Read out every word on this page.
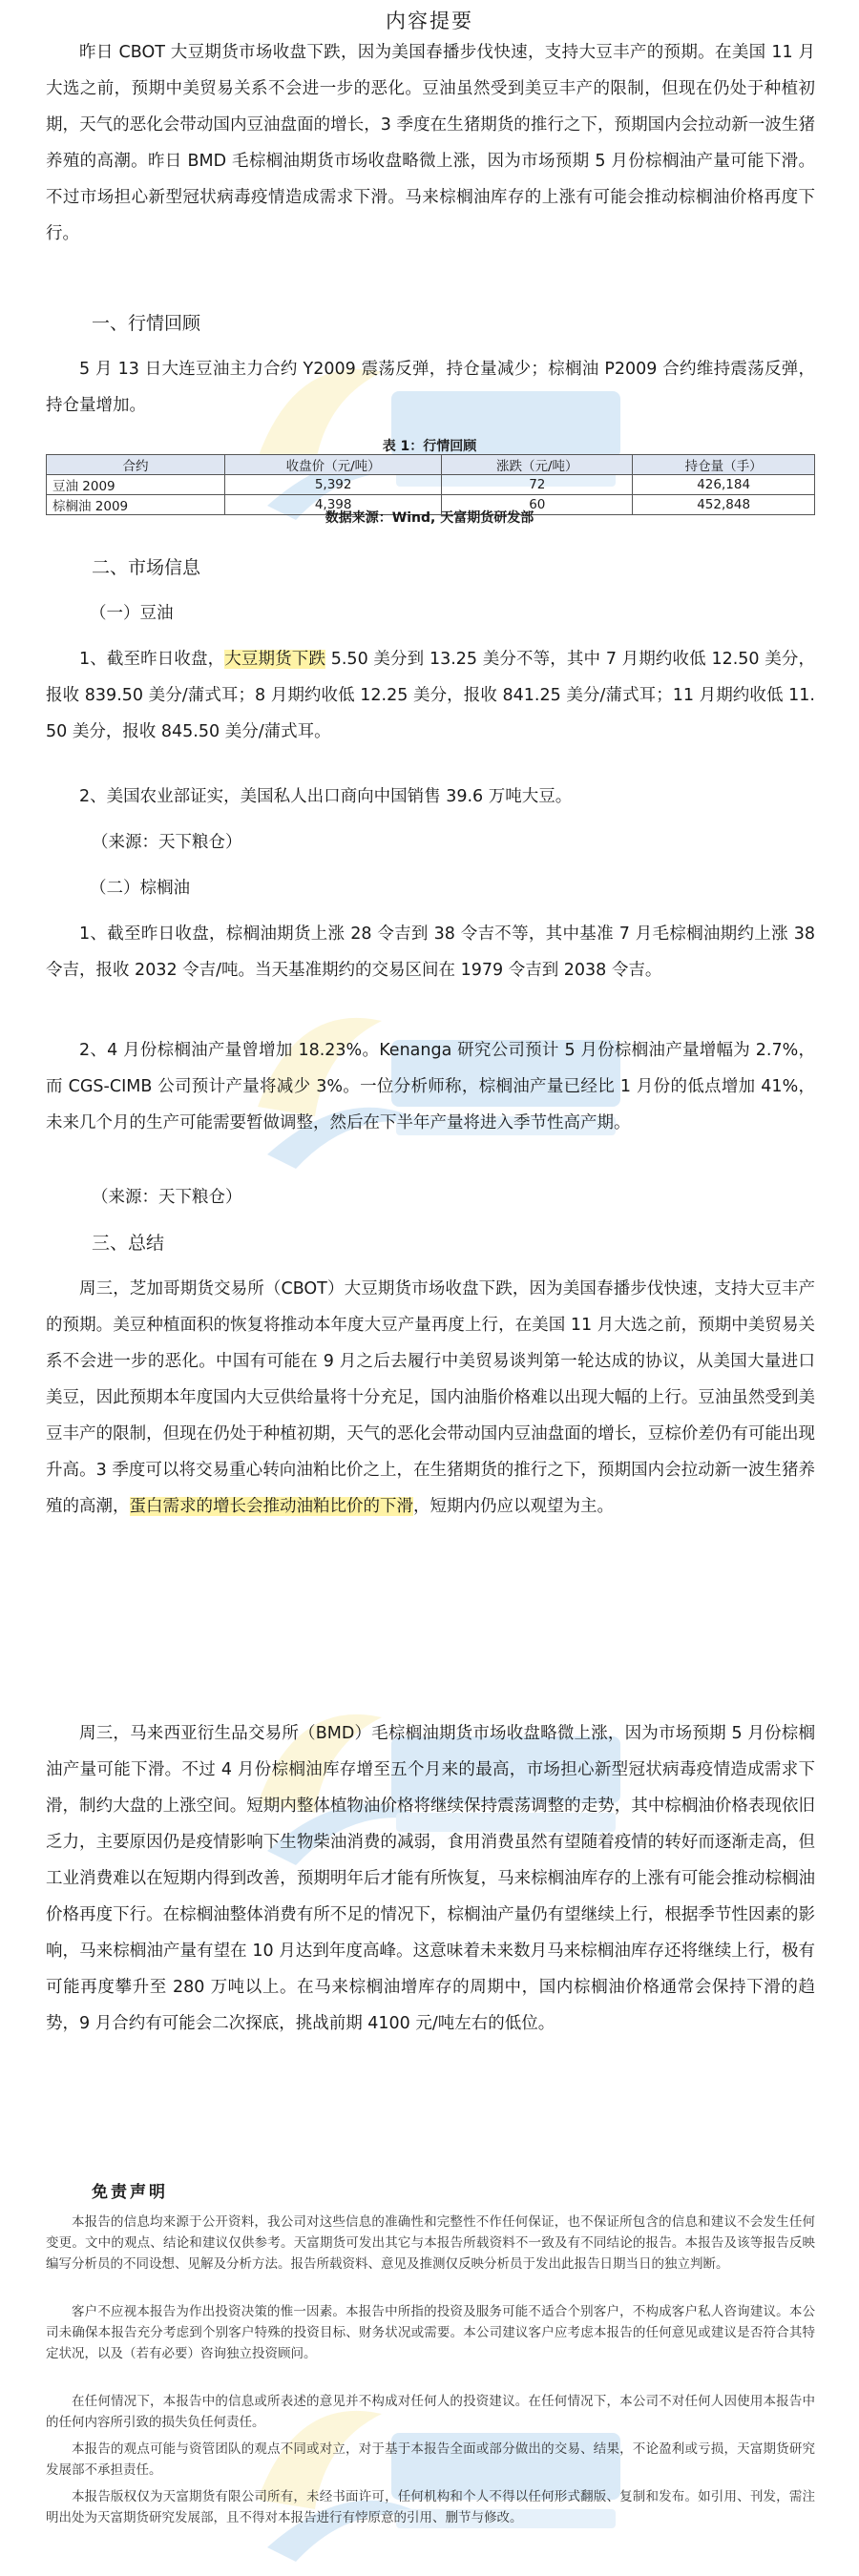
内容提要

昨日 CBOT 大豆期货市场收盘下跌，因为美国春播步伐快速，支持大豆丰产的预期。在美国 11 月大选之前，预期中美贸易关系不会进一步的恶化。豆油虽然受到美豆丰产的限制，但现在仍处于种植初期，天气的恶化会带动国内豆油盘面的增长，3 季度在生猪期货的推行之下，预期国内会拉动新一波生猪养殖的高潮。昨日 BMD 毛棕榈油期货市场收盘略微上涨，因为市场预期 5 月份棕榈油产量可能下滑。不过市场担心新型冠状病毒疫情造成需求下滑。马来棕榈油库存的上涨有可能会推动棕榈油价格再度下行。

一、行情回顾

5 月 13 日大连豆油主力合约 Y2009 震荡反弹，持仓量减少；棕榈油 P2009 合约维持震荡反弹，持仓量增加。

表 1：行情回顾
合约	收盘价（元/吨）	涨跌（元/吨）	持仓量（手）
豆油 2009	5,392	72	426,184
棕榈油 2009	4,398	60	452,848
数据来源：Wind, 天富期货研发部

二、市场信息

（一）豆油

1、截至昨日收盘，大豆期货下跌 5.50 美分到 13.25 美分不等，其中 7 月期约收低 12.50 美分，报收 839.50 美分/蒲式耳；8 月期约收低 12.25 美分，报收 841.25 美分/蒲式耳；11 月期约收低 11.50 美分，报收 845.50 美分/蒲式耳。

2、美国农业部证实，美国私人出口商向中国销售 39.6 万吨大豆。

（来源：天下粮仓）

（二）棕榈油

1、截至昨日收盘，棕榈油期货上涨 28 令吉到 38 令吉不等，其中基准 7 月毛棕榈油期约上涨 38 令吉，报收 2032 令吉/吨。当天基准期约的交易区间在 1979 令吉到 2038 令吉。

2、4 月份棕榈油产量曾增加 18.23%。Kenanga 研究公司预计 5 月份棕榈油产量增幅为 2.7%，而 CGS-CIMB 公司预计产量将减少 3%。一位分析师称，棕榈油产量已经比 1 月份的低点增加 41%，未来几个月的生产可能需要暂做调整，然后在下半年产量将进入季节性高产期。

（来源：天下粮仓）

三、总结

周三，芝加哥期货交易所（CBOT）大豆期货市场收盘下跌，因为美国春播步伐快速，支持大豆丰产的预期。美豆种植面积的恢复将推动本年度大豆产量再度上行，在美国 11 月大选之前，预期中美贸易关系不会进一步的恶化。中国有可能在 9 月之后去履行中美贸易谈判第一轮达成的协议，从美国大量进口美豆，因此预期本年度国内大豆供给量将十分充足，国内油脂价格难以出现大幅的上行。豆油虽然受到美豆丰产的限制，但现在仍处于种植初期，天气的恶化会带动国内豆油盘面的增长，豆棕价差仍有可能出现升高。3 季度可以将交易重心转向油粕比价之上，在生猪期货的推行之下，预期国内会拉动新一波生猪养殖的高潮，蛋白需求的增长会推动油粕比价的下滑，短期内仍应以观望为主。

周三，马来西亚衍生品交易所（BMD）毛棕榈油期货市场收盘略微上涨，因为市场预期 5 月份棕榈油产量可能下滑。不过 4 月份棕榈油库存增至五个月来的最高，市场担心新型冠状病毒疫情造成需求下滑，制约大盘的上涨空间。短期内整体植物油价格将继续保持震荡调整的走势，其中棕榈油价格表现依旧乏力，主要原因仍是疫情影响下生物柴油消费的减弱，食用消费虽然有望随着疫情的转好而逐渐走高，但工业消费难以在短期内得到改善，预期明年后才能有所恢复，马来棕榈油库存的上涨有可能会推动棕榈油价格再度下行。在棕榈油整体消费有所不足的情况下，棕榈油产量仍有望继续上行，根据季节性因素的影响，马来棕榈油产量有望在 10 月达到年度高峰。这意味着未来数月马来棕榈油库存还将继续上行，极有可能再度攀升至 280 万吨以上。在马来棕榈油增库存的周期中，国内棕榈油价格通常会保持下滑的趋势，9 月合约有可能会二次探底，挑战前期 4100 元/吨左右的低位。

免责声明

本报告的信息均来源于公开资料，我公司对这些信息的准确性和完整性不作任何保证，也不保证所包含的信息和建议不会发生任何变更。文中的观点、结论和建议仅供参考。天富期货可发出其它与本报告所载资料不一致及有不同结论的报告。本报告及该等报告反映编写分析员的不同设想、见解及分析方法。报告所载资料、意见及推测仅反映分析员于发出此报告日期当日的独立判断。

客户不应视本报告为作出投资决策的惟一因素。本报告中所指的投资及服务可能不适合个别客户，不构成客户私人咨询建议。本公司未确保本报告充分考虑到个别客户特殊的投资目标、财务状况或需要。本公司建议客户应考虑本报告的任何意见或建议是否符合其特定状况，以及（若有必要）咨询独立投资顾问。

在任何情况下，本报告中的信息或所表述的意见并不构成对任何人的投资建议。在任何情况下，本公司不对任何人因使用本报告中的任何内容所引致的损失负任何责任。

本报告的观点可能与资管团队的观点不同或对立，对于基于本报告全面或部分做出的交易、结果，不论盈利或亏损，天富期货研究发展部不承担责任。

本报告版权仅为天富期货有限公司所有，未经书面许可，任何机构和个人不得以任何形式翻版、复制和发布。如引用、刊发，需注明出处为天富期货研究发展部，且不得对本报告进行有悖原意的引用、删节与修改。
